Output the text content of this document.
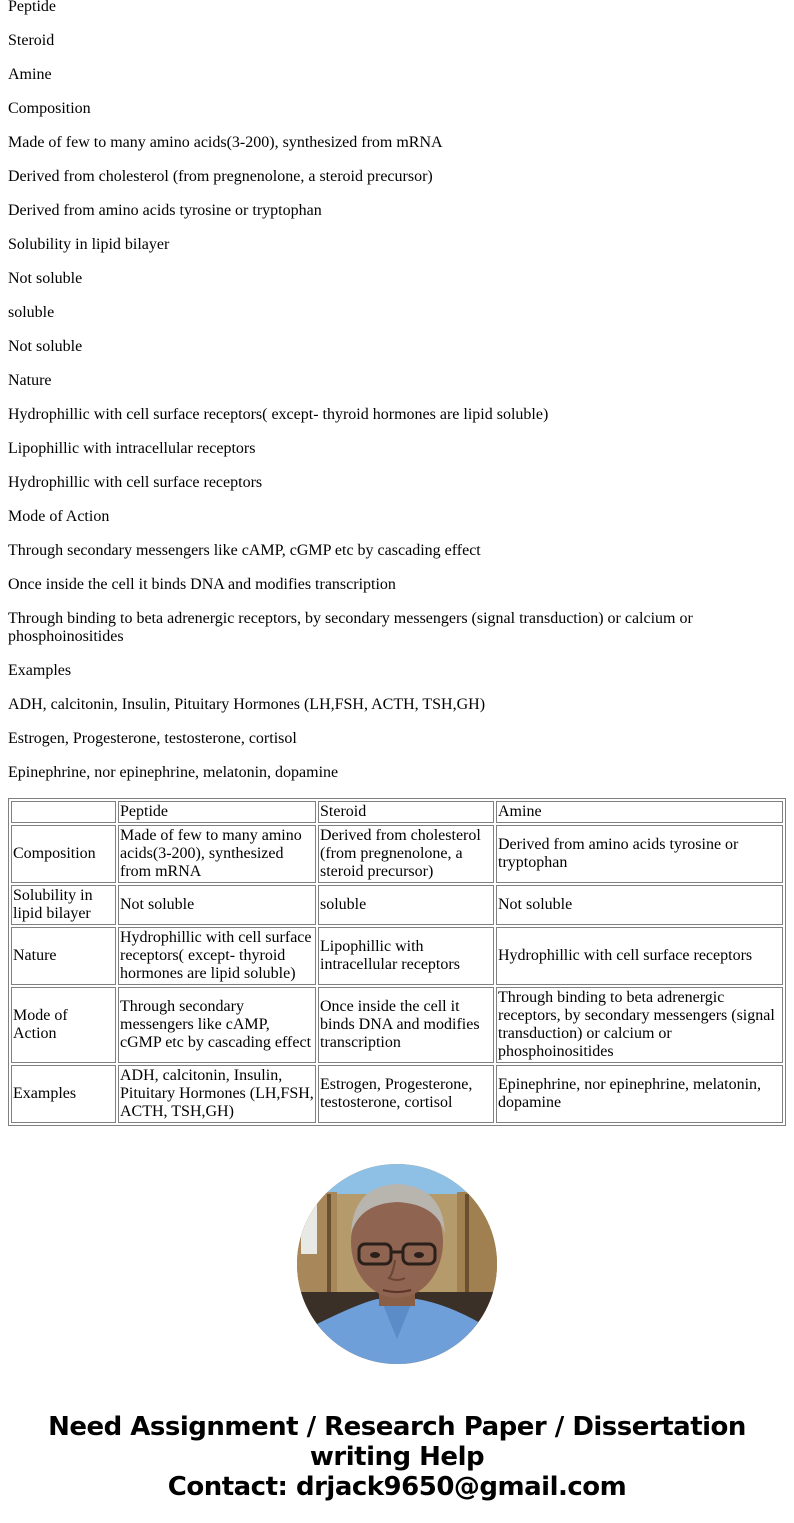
Peptide

Steroid

Amine

Composition

Made of few to many amino acids(3-200), synthesized from mRNA

Derived from cholesterol (from pregnenolone, a steroid precursor)

Derived from amino acids tyrosine or tryptophan

Solubility in lipid bilayer

Not soluble

soluble

Not soluble

Nature

Hydrophillic with cell surface receptors( except- thyroid hormones are lipid soluble)

Lipophillic with intracellular receptors

Hydrophillic with cell surface receptors

Mode of Action

Through secondary messengers like cAMP, cGMP etc by cascading effect

Once inside the cell it binds DNA and modifies transcription

Through binding to beta adrenergic receptors, by secondary messengers (signal transduction) or calcium or phosphoinositides

Examples

ADH, calcitonin, Insulin, Pituitary Hormones (LH,FSH, ACTH, TSH,GH)

Estrogen, Progesterone, testosterone, cortisol

Epinephrine, nor epinephrine, melatonin, dopamine

	Peptide	Steroid	Amine
Composition	Made of few to many amino acids(3-200), synthesized from mRNA	Derived from cholesterol (from pregnenolone, a steroid precursor)	Derived from amino acids tyrosine or tryptophan
Solubility in lipid bilayer	Not soluble	soluble	Not soluble
Nature	Hydrophillic with cell surface receptors( except- thyroid hormones are lipid soluble)	Lipophillic with intracellular receptors	Hydrophillic with cell surface receptors
Mode of Action	Through secondary messengers like cAMP, cGMP etc by cascading effect	Once inside the cell it binds DNA and modifies transcription	Through binding to beta adrenergic receptors, by secondary messengers (signal transduction) or calcium or phosphoinositides
Examples	ADH, calcitonin, Insulin, Pituitary Hormones (LH,FSH, ACTH, TSH,GH)	Estrogen, Progesterone, testosterone, cortisol	Epinephrine, nor epinephrine, melatonin, dopamine
Need Assignment / Research Paper / Dissertation writing Help
Contact: drjack9650@gmail.com
